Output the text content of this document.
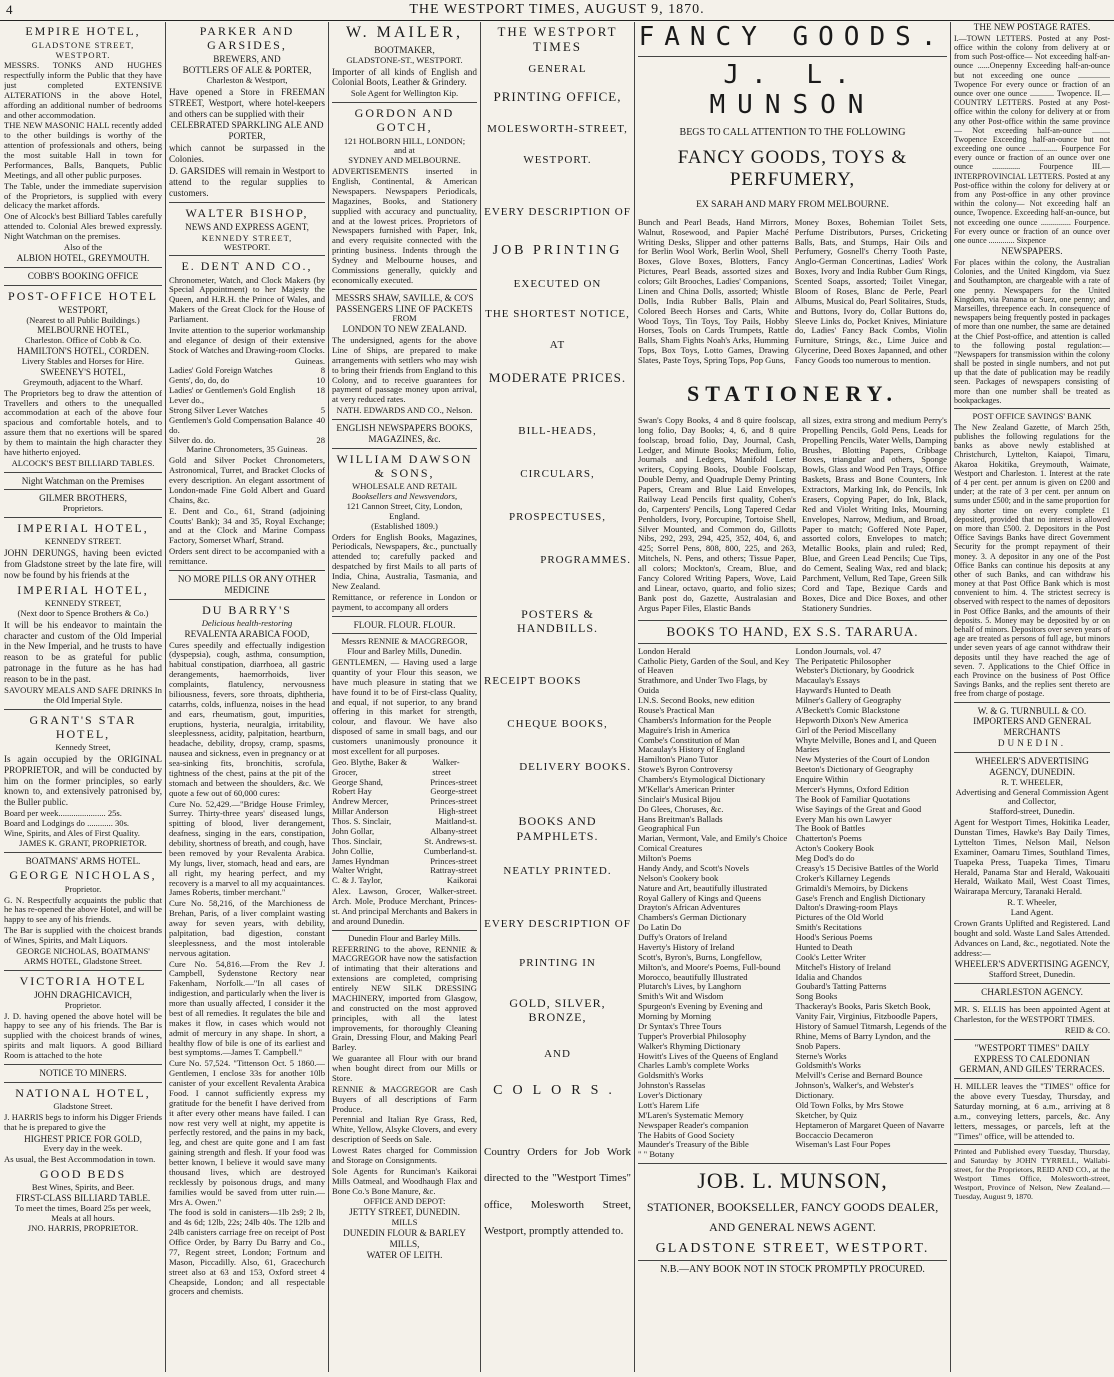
4	THE WESTPORT TIMES, AUGUST 9, 1870.
EMPIRE HOTEL,
GLADSTONE STREET, WESTPORT.

MESSRS. TONKS AND HUGHES respectfully inform the Public that they have just completed EXTENSIVE ALTERATIONS in the above Hotel, affording an additional number of bedrooms and other accommodation.

THE NEW MASONIC HALL recently added to the other buildings is worthy of the attention of professionals and others, being the most suitable Hall in town for Performances, Balls, Banquets, Public Meetings, and all other public purposes.

The Table, under the immediate supervision of the Proprietors, is supplied with every delicacy the market affords.

One of Alcock's best Billiard Tables carefully attended to. Colonial Ales brewed expressly. Night Watchman on the premises.

Also of the
ALBION HOTEL, GREYMOUTH.
COBB'S BOOKING OFFICE
POST-OFFICE HOTEL
WESTPORT,
(Nearest to all Public Buildings.)
MELBOURNE HOTEL,
Charleston. Office of Cobb & Co.
HAMILTON'S HOTEL, CORDEN.
Livery Stables and Horses for Hire.
SWEENEY'S HOTEL,
Greymouth, adjacent to the Wharf.

The Proprietors beg to draw the attention of Travellers and others to the unequalled accommodation at each of the above four spacious and comfortable hotels, and to assure them that no exertions will be spared by them to maintain the high character they have hitherto enjoyed.

ALCOCK'S BEST BILLIARD TABLES.
Night Watchman on the Premises
GILMER BROTHERS,
Proprietors.
IMPERIAL HOTEL,
KENNEDY STREET.

JOHN DERUNGS, having been evicted from Gladstone street by the late fire, will now be found by his friends at the

IMPERIAL HOTEL,
KENNEDY STREET,
(Next door to Spence Brothers & Co.)

It will be his endeavor to maintain the character and custom of the Old Imperial in the New Imperial, and he trusts to have reason to be as grateful for public patronage in the future as he has had reason to be in the past.

SAVOURY MEALS AND SAFE DRINKS In the Old Imperial Style.
GRANT'S STAR HOTEL,
Kennedy Street,

Is again occupied by the ORIGINAL PROPRIETOR, and will be conducted by him on the former principles, so early known to, and extensively patronised by, the Buller public.

Board per week...................... 25s.
Board and Lodgings do ............ 30s.
Wine, Spirits, and Ales of First Quality.
JAMES K. GRANT, PROPRIETOR.
BOATMANS' ARMS HOTEL.
GEORGE NICHOLAS,
Proprietor.

G. N. Respectfully acquaints the public that he has re-opened the above Hotel, and will be happy to see any of his friends.

The Bar is supplied with the choicest brands of Wines, Spirits, and Malt Liquors.

GEORGE NICHOLAS, BOATMANS' ARMS HOTEL, Gladstone Street.
VICTORIA HOTEL
JOHN DRAGHICAVICH,
Proprietor.

J. D. having opened the above hotel will be happy to see any of his friends. The Bar is supplied with the choicest brands of wines, spirits and malt liquors. A good Billiard Room is attached to the hote

NOTICE TO MINERS.
NATIONAL HOTEL,
Gladstone Street.

J. HARRIS begs to inform his Digger Friends that he is prepared to give the

HIGHEST PRICE FOR GOLD,
Every day in the week.

As usual, the Best Accommodation in town.

GOOD BEDS
Best Wines, Spirits, and Beer.
FIRST-CLASS BILLIARD TABLE.
To meet the times, Board 25s per week, Meals at all hours.
JNO. HARRIS, PROPRIETOR.
PARKER AND GARSIDES,
BREWERS, AND
BOTTLERS OF ALE & PORTER,
Charleston & Westport,

Have opened a Store in FREEMAN STREET, Westport, where hotel-keepers and others can be supplied with their

CELEBRATED SPARKLING ALE AND PORTER,

which cannot be surpassed in the Colonies.

D. GARSIDES will remain in Westport to attend to the regular supplies to customers.

WALTER BISHOP,
NEWS AND EXPRESS AGENT,
KENNEDY STREET,
WESTPORT.
E. DENT AND CO.,

Chronometer, Watch, and Clock Makers (by Special Appointment) to her Majesty the Queen, and H.R.H. the Prince of Wales, and Makers of the Great Clock for the House of Parliament.

Invite attention to the superior workmanship and elegance of design of their extensive Stock of Watches and Drawing-room Clocks.

Guineas.
Ladies' Gold Foreign Watches	8
Gents', do, do, do	10
Ladies' or Gentlemen's Gold English Lever do.,
18
Strong Silver Lever Watches	5
Gentlemen's Gold Compensation Balance do.
40
Silver do. do.	28
Marine Chronometers, 35 Guineas.

Gold and Silver Pocket Chronometers, Astronomical, Turret, and Bracket Clocks of every description. An elegant assortment of London-made Fine Gold Albert and Guard Chains, &c.

E. Dent and Co., 61, Strand (adjoining Coutts' Bank); 34 and 35, Royal Exchange; and at the Clock and Marine Compass Factory, Somerset Wharf, Strand.

Orders sent direct to be accompanied with a remittance.

NO MORE PILLS OR ANY OTHER MEDICINE
DU BARRY'S
Delicious health-restoring
REVALENTA ARABICA FOOD,

Cures speedily and effectually indigestion (dyspepsia), cough, asthma, consumption, habitual constipation, diarrhoea, all gastric derangements, haemorrhoids, liver complaints, flatulency, nervousness biliousness, fevers, sore throats, diphtheria, catarrhs, colds, influenza, noises in the head and ears, rheumatism, gout, impurities, eruptions, hysteria, neuralgia, irritability, sleeplessness, acidity, palpitation, heartburn, headache, debility, dropsy, cramp, spasms, nausea and sickness, even in pregnancy or at sea-sinking fits, bronchitis, scrofula, tightness of the chest, pains at the pit of the stomach and between the shoulders, &c. We quote a few out of 60,000 cures:

Cure No. 52,429.—"Bridge House Frimley, Surrey. Thirty-three years' diseased lungs, spitting of blood, liver derangement, deafness, singing in the ears, constipation, debility, shortness of breath, and cough, have been removed by your Revalenta Arabica. My lungs, liver, stomach, head and ears, are all right, my hearing perfect, and my recovery is a marvel to all my acquaintances. James Roberts, timber merchant."

Cure No. 58,216, of the Marchioness de Brehan, Paris, of a liver complaint wasting away for seven years, with debility, palpitation, bad digestion, constant sleeplessness, and the most intolerable nervous agitation.

Cure No. 54,816.—From the Rev J. Campbell, Sydenstone Rectory near Fakenham, Norfolk.—"In all cases of indigestion, and particularly when the liver is more than usually affected, I consider it the best of all remedies. It regulates the bile and makes it flow, in cases which would not admit of mercury in any shape. In short, a healthy flow of bile is one of its earliest and best symptoms.—James T. Campbell."

Cure No. 57,524. "Tittenson Oct. 5 1860.—Gentlemen, I enclose 33s for another 10lb canister of your excellent Revalenta Arabica Food. I cannot sufficiently express my gratitude for the benefit I have derived from it after every other means have failed. I can now rest very well at night, my appetite is perfectly restored, and the pains in my back, leg, and chest are quite gone and I am fast gaining strength and flesh. If your food was better known, I believe it would save many thousand lives, which are destroyed recklessly by poisonous drugs, and many families would be saved from utter ruin.—Mrs A. Owen."

The food is sold in canisters—1lb 2s9; 2 lb, and 4s 6d; 12lb, 22s; 24lb 40s. The 12lb and 24lb canisters carriage free on receipt of Post Office Order, by Barry Du Barry and Co., 77, Regent street, London; Fortnum and Mason, Piccadilly. Also, 61, Gracechurch street also at 63 and 153, Oxford street 4 Cheapside, London; and all respectable grocers and chemists.

W. MAILER,
BOOTMAKER,
GLADSTONE-ST., WESTPORT.

Importer of all kinds of English and Colonial Boots, Leather & Grindery.

Sole Agent for Wellington Kip.
GORDON AND GOTCH,
121 HOLBORN HILL, LONDON;
and at
SYDNEY AND MELBOURNE.

ADVERTISEMENTS inserted in English, Continental, & American Newspapers. Newspapers Periodicals, Magazines, Books, and Stationery supplied with accuracy and punctuality, and at the lowest prices. Proprietors of Newspapers furnished with Paper, Ink, and every requisite connected with the printing business. Indents through the Sydney and Melbourne houses, and Commissions generally, quickly and economically executed.

MESSRS SHAW, SAVILLE, & CO'S PASSENGERS LINE OF PACKETS
FROM
LONDON TO NEW ZEALAND.

The undersigned, agents for the above Line of Ships, are prepared to make arrangements with settlers who may wish to bring their friends from England to this Colony, and to receive guarantees for payment of passage money upon arrival, at very reduced rates.

NATH. EDWARDS AND CO., Nelson.
ENGLISH NEWSPAPERS BOOKS, MAGAZINES, &c.
WILLIAM DAWSON & SONS,
WHOLESALE AND RETAIL
Booksellers and Newsvendors,
121 Cannon Street, City, London, England.
(Established 1809.)

Orders for English Books, Magazines, Periodicals, Newspapers, &c., punctually attended to; carefully packed and despatched by first Mails to all parts of India, China, Australia, Tasmania, and New Zealand.

Remittance, or reference in London or payment, to accompany all orders

FLOUR. FLOUR. FLOUR.
Messrs RENNIE & MACGREGOR,
Flour and Barley Mills, Dunedin.

GENTLEMEN, — Having used a large quantity of your Flour this season, we have much pleasure in stating that we have found it to be of First-class Quality, and equal, if not superior, to any brand offering in this market for strength, colour, and flavour. We have also disposed of same in small bags, and our customers unanimously pronounce it most excellent for all purposes.

Geo. Blythe, Baker & Grocer,
Walker-street
George Shand,	Princes-street
Robert Hay	George-street
Andrew Mercer,	Princes-street
Millar Anderson	High-street
Thos. S. Sinclair,	Maitland-st.
John Gollar,	Albany-street
Thos. Sinclair,	St. Andrews-st.
John Collie,	Cumberland-st.
James Hyndman	Princes-street
Walter Wright,	Rattray-street
C. & J. Taylor,	Kaikorai

Alex. Lawson, Grocer, Walker-street. Arch. Mole, Produce Merchant, Princes-st. And principal Merchants and Bakers in and around Dunedin.

Dunedin Flour and Barley Mills.

REFERRING to the above, RENNIE & MACGREGOR have now the satisfaction of intimating that their alterations and extensions are completed, comprising entirely NEW SILK DRESSING MACHINERY, imported from Glasgow, and constructed on the most approved principles, with all the latest improvements, for thoroughly Cleaning Grain, Dressing Flour, and Making Pearl Barley.

We guarantee all Flour with our brand when bought direct from our Mills or Store.

RENNIE & MACGREGOR are Cash Buyers of all descriptions of Farm Produce.

Perennial and Italian Rye Grass, Red, White, Yellow, Alsyke Clovers, and every description of Seeds on Sale.

Lowest Rates charged for Commission and Storage on Consignments.

Sole Agents for Runciman's Kaikorai Mills Oatmeal, and Woodhaugh Flax and Bone Co.'s Bone Manure, &c.

OFFICE AND DEPOT:
JETTY STREET, DUNEDIN.
MILLS
DUNEDIN FLOUR & BARLEY
MILLS,
WATER OF LEITH.
THE WESTPORT TIMES
GENERAL
PRINTING OFFICE,
MOLESWORTH-STREET,
WESTPORT.
EVERY DESCRIPTION OF
JOB PRINTING
EXECUTED ON
THE SHORTEST NOTICE,
AT
MODERATE PRICES.
BILL-HEADS,
CIRCULARS,
PROSPECTUSES,
PROGRAMMES.
POSTERS & HANDBILLS.
RECEIPT BOOKS
CHEQUE BOOKS,
DELIVERY BOOKS.
BOOKS AND PAMPHLETS.
NEATLY PRINTED.
EVERY DESCRIPTION OF
PRINTING IN
GOLD, SILVER, BRONZE,
AND
COLORS.

Country Orders for Job Work directed to the "Westport Times" office, Molesworth Street, Westport, promptly attended to.

FANCY GOODS.
J. L. MUNSON
BEGS TO CALL ATTENTION TO THE FOLLOWING
FANCY GOODS, TOYS & PERFUMERY,
EX SARAH AND MARY FROM MELBOURNE.

Bunch and Pearl Beads, Hand Mirrors, Walnut, Rosewood, and Papier Maché Writing Desks, Slipper and other patterns for Berlin Wool Work, Berlin Wool, Shell Boxes, Glove Boxes, Blotters, Fancy Pictures, Pearl Beads, assorted sizes and colors; Gilt Brooches, Ladies' Companions, Linen and China Dolls, assorted; Whistle Dolls, India Rubber Balls, Plain and Colored Beech Horses and Carts, White Wood Toys, Tin Toys, Toy Pails, Hobby Horses, Tools on Cards Trumpets, Rattle Balls, Sham Fights Noah's Arks, Humming Tops, Box Toys, Lotto Games, Drawing Slates, Paste Toys, Spring Tops, Pop Guns,

Money Boxes, Bohemian Toilet Sets, Perfume Distributors, Purses, Cricketing Balls, Bats, and Stumps, Hair Oils and Perfumery, Gosnell's Cherry Tooth Paste, Anglo-German Concertinas, Ladies' Work Boxes, Ivory and India Rubber Gum Rings, Scented Soaps, assorted; Toilet Vinegar, Bloom of Roses, Blanc de Perle, Pearl Albums, Musical do, Pearl Solitaires, Studs, and Buttons, Ivory do, Collar Buttons do, Sleeve Links do, Pocket Knives, Miniature do, Ladies' Fancy Back Combs, Violin Furniture, Strings, &c., Lime Juice and Glycerine, Deed Boxes Japanned, and other Fancy Goods too numerous to mention.

STATIONERY.

Swan's Copy Books, 4 and 8 quire foolscap, long folio, Day Books; 4, 6, and 8 quire foolscap, broad folio, Day, Journal, Cash, Ledger, and Minute Books; Medium, folio, Journals and Ledgers, Manifold Letter writers, Copying Books, Double Foolscap, Double Demy, and Quadruple Demy Printing Papers, Cream and Blue Laid Envelopes, Railway Lead Pencils first quality, Cohen's do, Carpenters' Pencils, Long Tapered Cedar Penholders, Ivory, Porcupine, Tortoise Shell, Silver Mounted, and Common do, Gillotts Nibs, 292, 293, 294, 425, 352, 404, 6, and 425; Sorrel Pens, 808, 800, 225, and 263, Mitchels, N. Pens, and others; Tissue Paper, all colors; Mockton's, Cream, Blue, and Fancy Colored Writing Papers, Wove, Laid and Linear, octavo, quarto, and folio sizes; Bank post do, Gazette, Australasian and Argus Paper Files, Elastic Bands

all sizes, extra strong and medium Perry's Propelling Pencils, Gold Pens, Leads for Propelling Pencils, Water Wells, Damping Brushes, Blotting Papers, Cribbage Boxes, triangular and others, Sponge Bowls, Glass and Wood Pen Trays, Office Baskets, Brass and Bone Counters, Ink Extractors, Marking Ink, do Pencils, Ink Erasers, Copying Paper, do Ink, Black, Red and Violet Writing Inks, Mourning Envelopes, Narrow, Medium, and Broad, Paper to match; Goffered Note Paper, assorted colors, Envelopes to match; Metallic Books, plain and ruled; Red, Blue, and Green Lead Pencils; Cue Tips, do Cement, Sealing Wax, red and black; Parchment, Vellum, Red Tape, Green Silk Cord and Tape, Bezique Cards and Boxes, Dice and Dice Boxes, and other Stationery Sundries.

BOOKS TO HAND, EX S.S. TARARUA.
London Herald
Catholic Piety, Garden of the Soul, and Key of Heaven
Strathmore, and Under Two Flags, by Ouida
I.N.S. Second Books, new edition
Rouse's Practical Man
Chambers's Information for the People
Maguire's Irish in America
Combe's Constitution of Man
Macaulay's History of England
Hamilton's Piano Tutor
Stowe's Byron Controversy
Chambers's Etymological Dictionary
M'Kellar's American Printer
Sinclair's Musical Bijou
Do Glees, Choruses, &c.
Hans Breitman's Ballads
Geographical Fun
Marian, Vermont, Vale, and Emily's Choice
Comical Creatures
Milton's Poems
Handy Andy, and Scott's Novels
Nelson's Cookery book
Nature and Art, beautifully illustrated
Royal Gallery of Kings and Queens
Drayton's African Adventures
Chambers's German Dictionary
Do Latin Do
Duffy's Orators of Ireland
Haverty's History of Ireland
Scott's, Byron's, Burns, Longfellow, Milton's, and Moore's Poems, Full-bound Morocco, beautifully Illustrated
Plutarch's Lives, by Langhorn
Smith's Wit and Wisdom
Spurgeon's Evening by Evening and Morning by Morning
Dr Syntax's Three Tours
Tupper's Proverbial Philosophy
Walker's Rhyming Dictionary
Howitt's Lives of the Queens of England
Charles Lamb's complete Works
Goldsmith's Works
Johnston's Rasselas
Lover's Dictionary
Lott's Harem Life
M'Laren's Systematic Memory
Newspaper Reader's companion
The Habits of Good Society
Maunder's Treasury of the Bible
" " Botany
London Journals, vol. 47
The Peripatetic Philosopher
Webster's Dictionary, by Goodrick
Macaulay's Essays
Hayward's Hunted to Death
Milner's Gallery of Geography
A'Beckett's Comic Blackstone
Hepworth Dixon's New America
Girl of the Period Miscellany
Whyte Melville, Bones and I, and Queen Maries
New Mysteries of the Court of London
Beeton's Dictionary of Geography
Enquire Within
Mercer's Hymns, Oxford Edition
The Book of Familiar Quotations
Wise Sayings of the Great and Good
Every Man his own Lawyer
The Book of Battles
Chatterton's Poems
Acton's Cookery Book
Meg Dod's do do
Creasy's 15 Decisive Battles of the World
Croker's Killarney Legends
Grimaldi's Memoirs, by Dickens
Gase's French and English Dictionary
Dalton's Drawing-room Plays
Pictures of the Old World
Smith's Recitations
Hood's Serious Poems
Hunted to Death
Cook's Letter Writer
Mitchel's History of Ireland
Idalia and Chandos
Goubard's Tatting Patterns
Song Books
Thackeray's Books, Paris Sketch Book, Vanity Fair, Virginius, Fitzboodle Papers, History of Samuel Titmarsh, Legends of the Rhine, Mems of Barry Lyndon, and the Snob Papers.
Sterne's Works
Goldsmith's Works
Melvill's Cerise and Bernard Bounce
Johnson's, Walker's, and Webster's Dictionary.
Old Town Folks, by Mrs Stowe
Sketcher, by Quiz
Heptameron of Margaret Queen of Navarre
Boccaccio Decameron
Wiseman's Last Four Popes
JOB. L. MUNSON,
STATIONER, BOOKSELLER, FANCY GOODS DEALER,
AND GENERAL NEWS AGENT.
GLADSTONE STREET, WESTPORT.
N.B.—ANY BOOK NOT IN STOCK PROMPTLY PROCURED.
THE NEW POSTAGE RATES.

I.—TOWN LETTERS. Posted at any Post-office within the colony from delivery at or from such Post-office— Not exceeding half-an-ounce ......Onepenny Exceeding half-an-ounce but not exceeding one ounce ................ Twopence For every ounce or fraction of an ounce over one ounce ............ Twopence. II.—COUNTRY LETTERS. Posted at any Post-office within the colony for delivery at or from any other Post-office within the same province— Not exceeding half-an-ounce ......... Twopence Exceeding half-an-ounce but not exceeding one ounce .............. Fourpence For every ounce or fraction of an ounce over one ounce .............. Fourpence III.—INTERPROVINCIAL LETTERS. Posted at any Post-office within the colony for delivery at or from any Post-office in any other province within the colony— Not exceeding half an ounce, Twopence. Exceeding half-an-ounce, but not exceeding one ounce ............... Fourpence. For every ounce or fraction of an ounce over one ounce ............. Sixpence

NEWSPAPERS.

For places within the colony, the Australian Colonies, and the United Kingdom, via Suez and Southampton, are chargeable with a rate of one penny. Newspapers for the United Kingdom, via Panama or Suez, one penny; and Marseilles, threepence each. In consequence of newspapers being frequently posted in packages of more than one number, the same are detained at the Chief Post-office, and attention is called to the following postal regulation:— "Newspapers for transmission within the colony shall be posted in single numbers, and not put up that the date of publication may be readily seen. Packages of newspapers consisting of more than one number shall be treated as bookpackages.

POST OFFICE SAVINGS' BANK

The New Zealand Gazette, of March 25th, publishes the following regulations for the banks as above newly established at Christchurch, Lyttelton, Kaiapoi, Timaru, Akaroa Hokitika, Greymouth, Waimate, Westport and Charleston. 1. Interest at the rate of 4 per cent. per annum is given on £200 and under; at the rate of 3 per cent. per annum on sums under £500; and in the same proportion for any shorter time on every complete £1 deposited, provided that no interest is allowed on more than £500. 2. Depositors in the Post Office Savings Banks have direct Government Security for the prompt repayment of their money. 3. A depositor in any one of the Post Office Banks can continue his deposits at any other of such Banks, and can withdraw his money at that Post Office Bank which is most convenient to him. 4. The strictest secrecy is observed with respect to the names of depositors in Post Office Banks, and the amounts of their deposits. 5. Money may be deposited by or on behalf of minors. Depositors over seven years of age are treated as persons of full age, but minors under seven years of age cannot withdraw their deposits until they have reached the age of seven. 7. Applications to the Chief Office in each Province on the business of Post Office Savings Banks, and the replies sent thereto are free from charge of postage.

W. & G. TURNBULL & CO.
IMPORTERS AND GENERAL
MERCHANTS
DUNEDIN.
WHEELER'S ADVERTISING
AGENCY, DUNEDIN.
R. T. WHEELER,
Advertising and General Commission Agent and Collector,
Stafford-street, Dunedin.

Agent for Westport Times, Hokitika Leader, Dunstan Times, Hawke's Bay Daily Times, Lyttelton Times, Nelson Mail, Nelson Examiner, Oamaru Times, Southland Times, Tuapeka Press, Tuapeka Times, Timaru Herald, Panama Star and Herald, Wakouaiti Herald, Waikato Mail, West Coast Times, Wairarapa Mercury, Taranaki Herald.

R. T. Wheeler,
Land Agent.

Crown Grants Uplifted and Registered. Land bought and sold. Waste Land Sales Attended. Advances on Land, &c., negotiated. Note the address:—

WHEELER'S ADVERTISING AGENCY,
Stafford Street, Dunedin.
CHARLESTON AGENCY.

MR. S. ELLIS has been appointed Agent at Charleston, for the WESTPORT TIMES.

REID & CO.
"WESTPORT TIMES" DAILY EXPRESS TO CALEDONIAN GERMAN, AND GILES' TERRACES.

H. MILLER leaves the "TIMES" office for the above every Tuesday, Thursday, and Saturday morning, at 6 a.m., arriving at 8 a.m., conveying letters, parcels, &c. Any letters, messages, or parcels, left at the "Times" office, will be attended to.

Printed and Published every Tuesday, Thursday, and Saturday by JOHN TYRRELL, Wallabi-street, for the Proprietors, REID AND CO., at the Westport Times Office, Molesworth-street, Westport, Province of Nelson, New Zealand.—Tuesday, August 9, 1870.
